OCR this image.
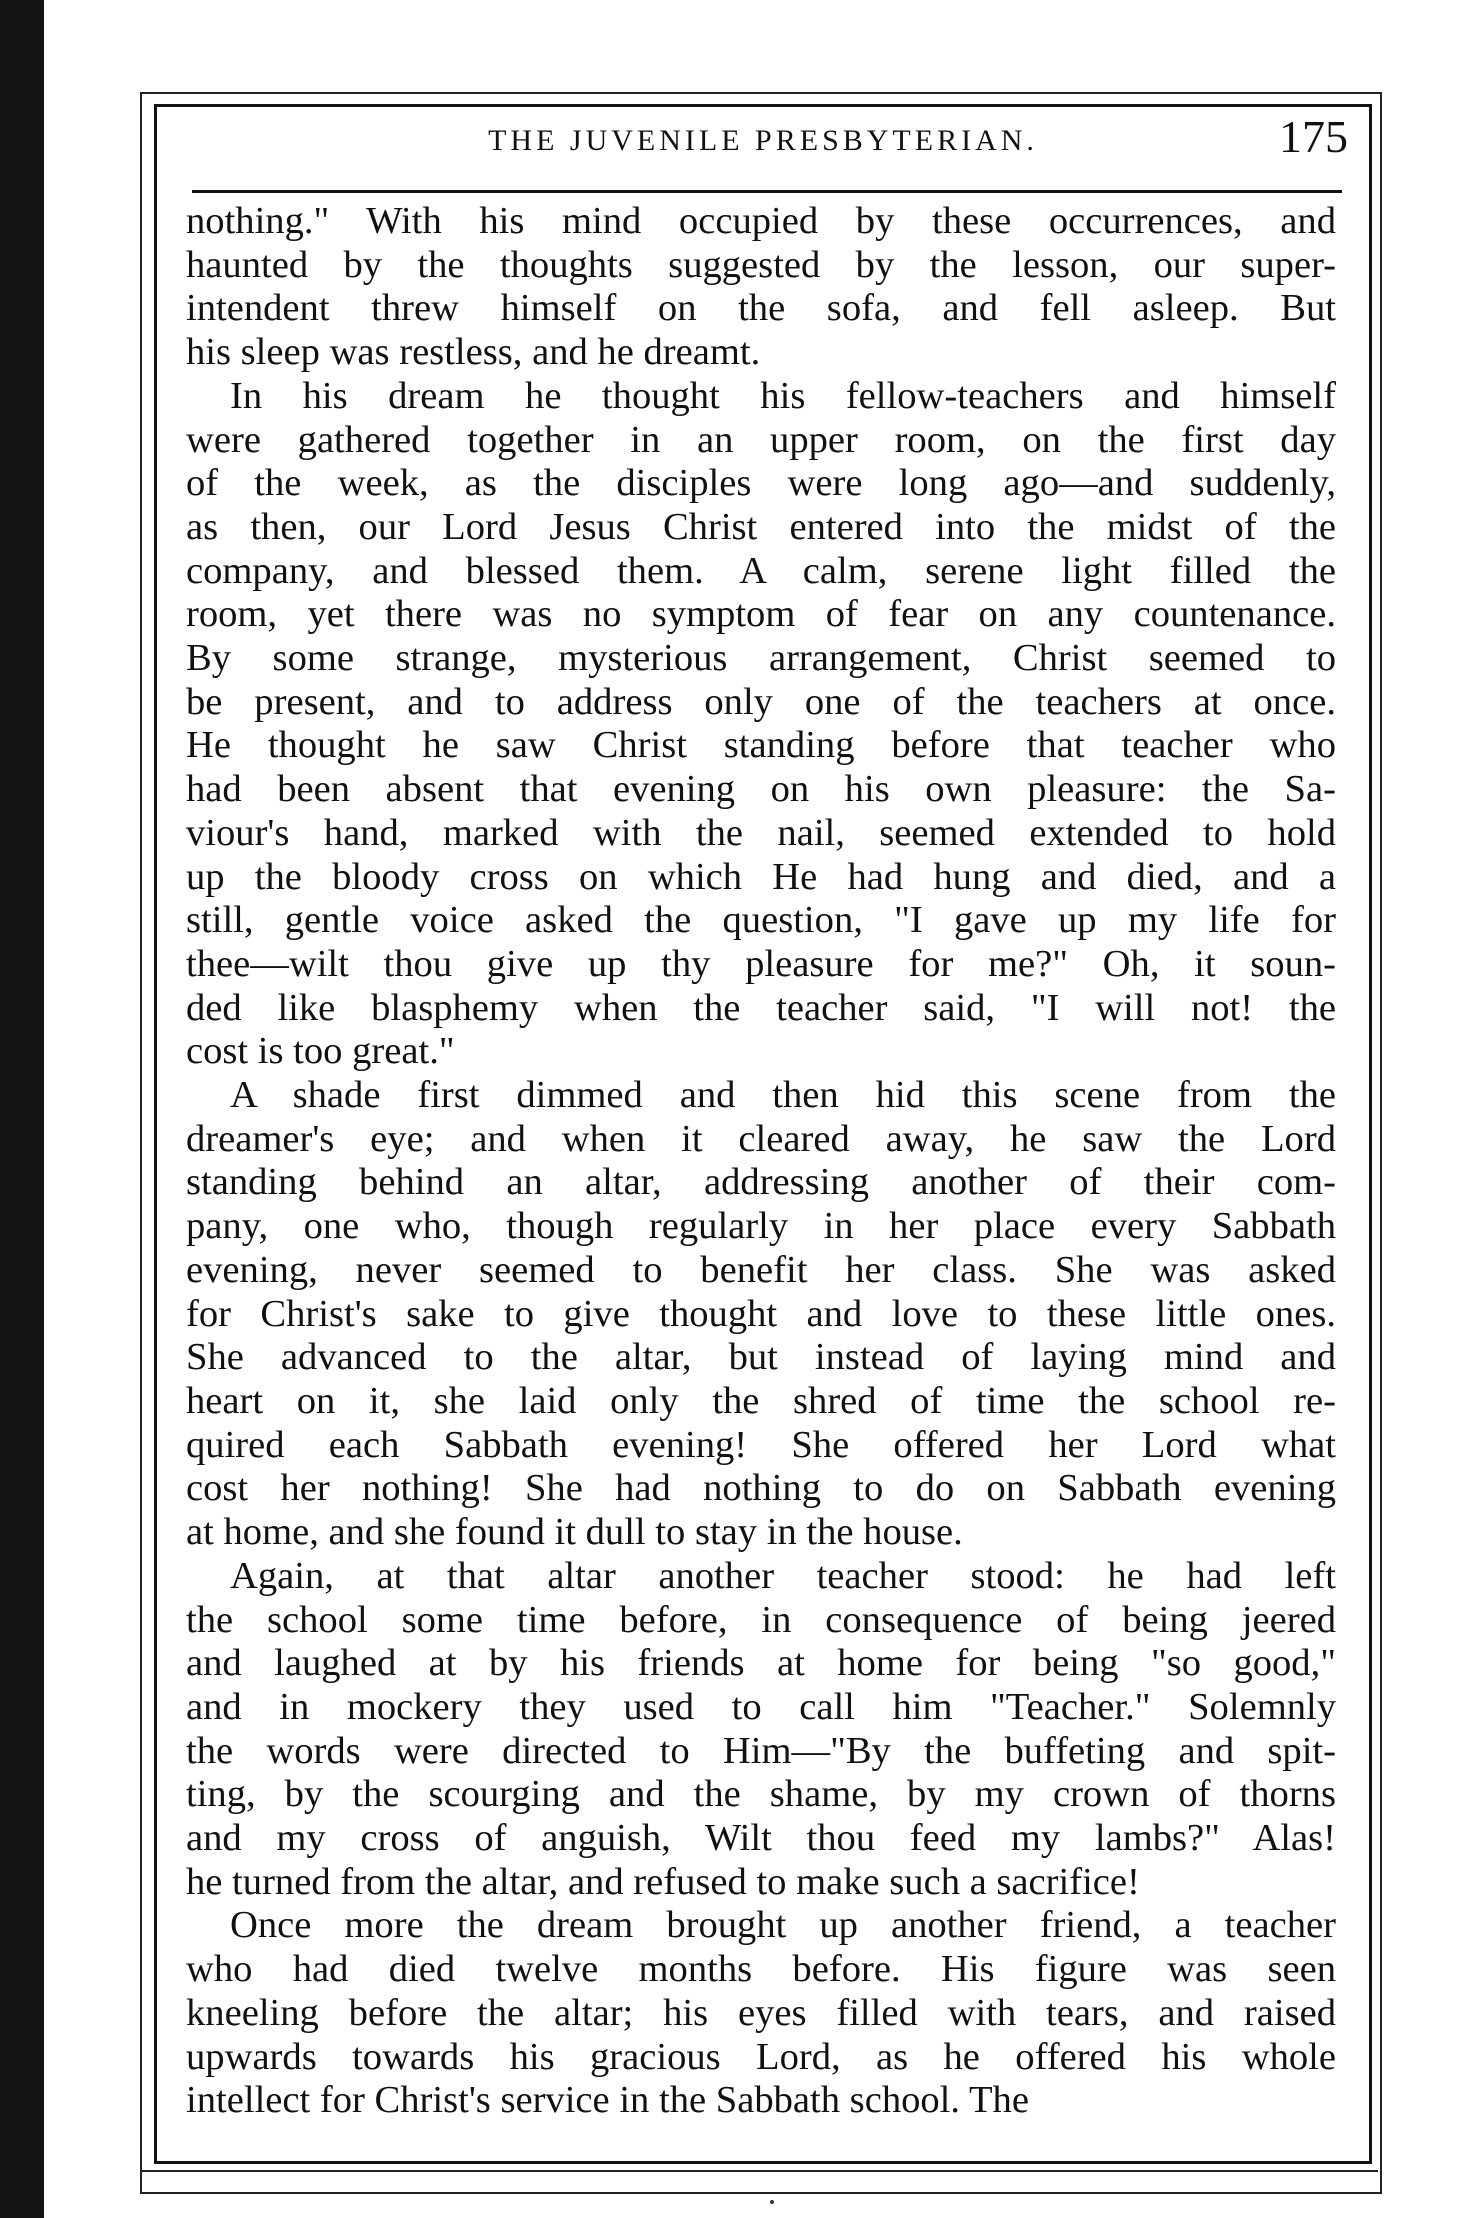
THE JUVENILE PRESBYTERIAN.	175
nothing." With his mind occupied by these occurrences, and
haunted by the thoughts suggested by the lesson, our super-
intendent threw himself on the sofa, and fell asleep. But
his sleep was restless, and he dreamt.
In his dream he thought his fellow-teachers and himself
were gathered together in an upper room, on the first day
of the week, as the disciples were long ago—and suddenly,
as then, our Lord Jesus Christ entered into the midst of the
company, and blessed them. A calm, serene light filled the
room, yet there was no symptom of fear on any countenance.
By some strange, mysterious arrangement, Christ seemed to
be present, and to address only one of the teachers at once.
He thought he saw Christ standing before that teacher who
had been absent that evening on his own pleasure: the Sa-
viour's hand, marked with the nail, seemed extended to hold
up the bloody cross on which He had hung and died, and a
still, gentle voice asked the question, "I gave up my life for
thee—wilt thou give up thy pleasure for me?" Oh, it soun-
ded like blasphemy when the teacher said, "I will not! the
cost is too great."
A shade first dimmed and then hid this scene from the
dreamer's eye; and when it cleared away, he saw the Lord
standing behind an altar, addressing another of their com-
pany, one who, though regularly in her place every Sabbath
evening, never seemed to benefit her class. She was asked
for Christ's sake to give thought and love to these little ones.
She advanced to the altar, but instead of laying mind and
heart on it, she laid only the shred of time the school re-
quired each Sabbath evening! She offered her Lord what
cost her nothing! She had nothing to do on Sabbath evening
at home, and she found it dull to stay in the house.
Again, at that altar another teacher stood: he had left
the school some time before, in consequence of being jeered
and laughed at by his friends at home for being "so good,"
and in mockery they used to call him "Teacher." Solemnly
the words were directed to Him—"By the buffeting and spit-
ting, by the scourging and the shame, by my crown of thorns
and my cross of anguish, Wilt thou feed my lambs?" Alas!
he turned from the altar, and refused to make such a sacrifice!
Once more the dream brought up another friend, a teacher
who had died twelve months before. His figure was seen
kneeling before the altar; his eyes filled with tears, and raised
upwards towards his gracious Lord, as he offered his whole
intellect for Christ's service in the Sabbath school. The
